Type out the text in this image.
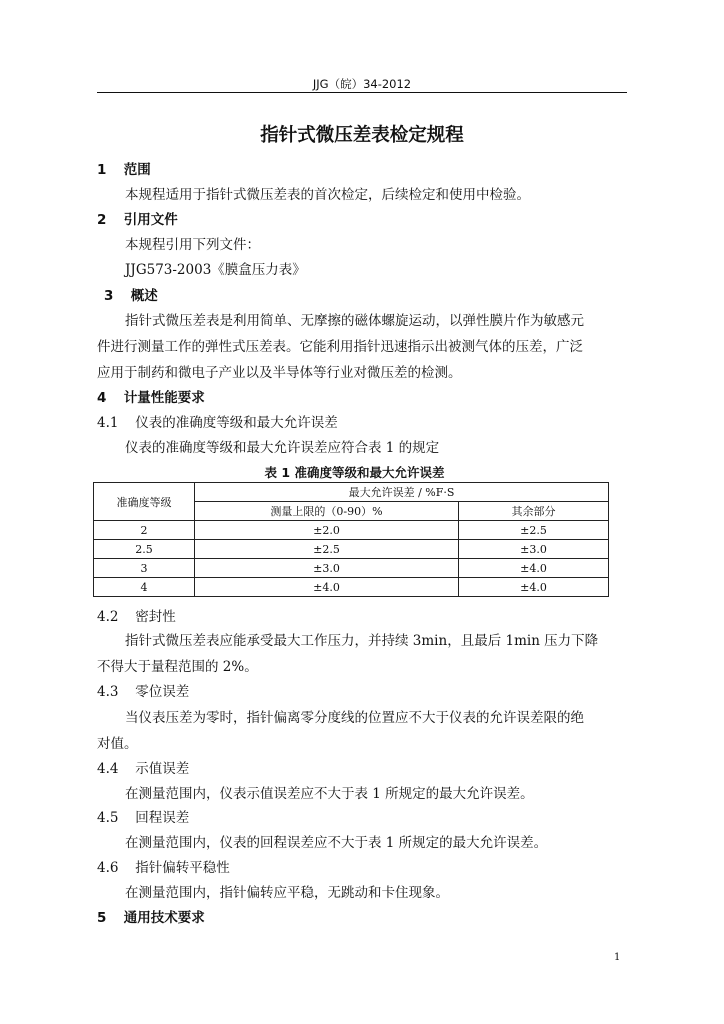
JJG（皖）34-2012
指针式微压差表检定规程
1 范围
本规程适用于指针式微压差表的首次检定，后续检定和使用中检验。
2 引用文件
本规程引用下列文件：
JJG573-2003《膜盒压力表》
3 概述
指针式微压差表是利用简单、无摩擦的磁体螺旋运动，以弹性膜片作为敏感元
件进行测量工作的弹性式压差表。它能利用指针迅速指示出被测气体的压差，广泛
应用于制药和微电子产业以及半导体等行业对微压差的检测。
4 计量性能要求
4.1 仪表的准确度等级和最大允许误差
仪表的准确度等级和最大允许误差应符合表 1 的规定
表 1 准确度等级和最大允许误差
准确度等级	最大允许误差 / %F·S	
	测量上限的（0-90）%	其余部分
2	±2.0	±2.5
2.5	±2.5	±3.0
3	±3.0	±4.0
4	±4.0	±4.0
4.2 密封性
指针式微压差表应能承受最大工作压力，并持续 3min，且最后 1min 压力下降
不得大于量程范围的 2%。
4.3 零位误差
当仪表压差为零时，指针偏离零分度线的位置应不大于仪表的允许误差限的绝
对值。
4.4 示值误差
在测量范围内，仪表示值误差应不大于表 1 所规定的最大允许误差。
4.5 回程误差
在测量范围内，仪表的回程误差应不大于表 1 所规定的最大允许误差。
4.6 指针偏转平稳性
在测量范围内，指针偏转应平稳，无跳动和卡住现象。
5 通用技术要求
1
